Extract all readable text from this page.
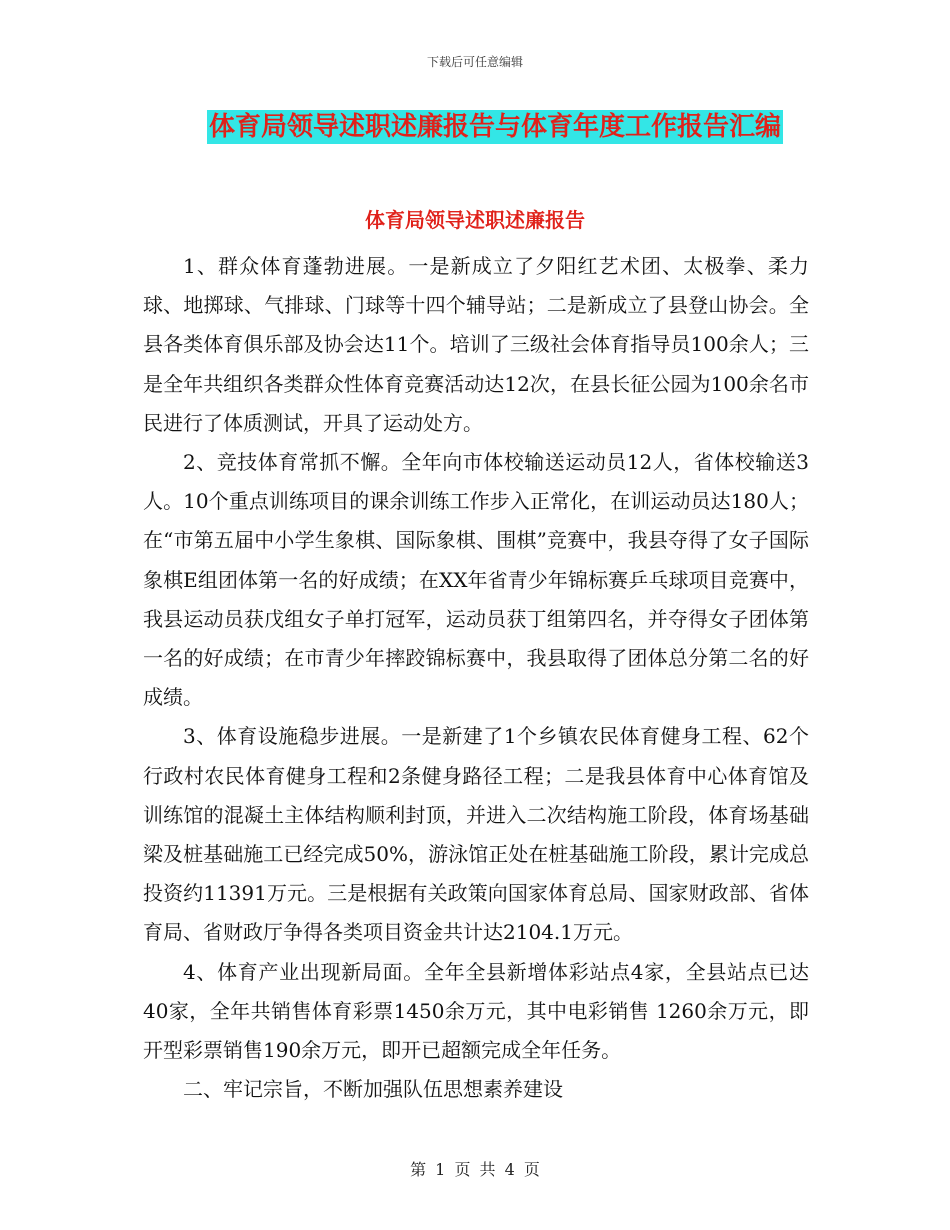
下载后可任意编辑
体育局领导述职述廉报告与体育年度工作报告汇编
体育局领导述职述廉报告

1、群众体育蓬勃进展。一是新成立了夕阳红艺术团、太极拳、柔力球、地掷球、气排球、门球等十四个辅导站；二是新成立了县登山协会。全县各类体育俱乐部及协会达11个。培训了三级社会体育指导员100余人；三是全年共组织各类群众性体育竞赛活动达12次，在县长征公园为100余名市民进行了体质测试，开具了运动处方。

2、竞技体育常抓不懈。全年向市体校输送运动员12人，省体校输送3人。10个重点训练项目的课余训练工作步入正常化，在训运动员达180人；在“市第五届中小学生象棋、国际象棋、围棋”竞赛中，我县夺得了女子国际象棋E组团体第一名的好成绩；在XX年省青少年锦标赛乒乓球项目竞赛中，我县运动员获戊组女子单打冠军，运动员获丁组第四名，并夺得女子团体第一名的好成绩；在市青少年摔跤锦标赛中，我县取得了团体总分第二名的好成绩。

3、体育设施稳步进展。一是新建了1个乡镇农民体育健身工程、62个行政村农民体育健身工程和2条健身路径工程；二是我县体育中心体育馆及训练馆的混凝土主体结构顺利封顶，并进入二次结构施工阶段，体育场基础梁及桩基础施工已经完成50%，游泳馆正处在桩基础施工阶段，累计完成总投资约11391万元。三是根据有关政策向国家体育总局、国家财政部、省体育局、省财政厅争得各类项目资金共计达2104.1万元。

4、体育产业出现新局面。全年全县新增体彩站点4家，全县站点已达40家，全年共销售体育彩票1450余万元，其中电彩销售 1260余万元，即开型彩票销售190余万元，即开已超额完成全年任务。

二、牢记宗旨，不断加强队伍思想素养建设

第 1 页 共 4 页
